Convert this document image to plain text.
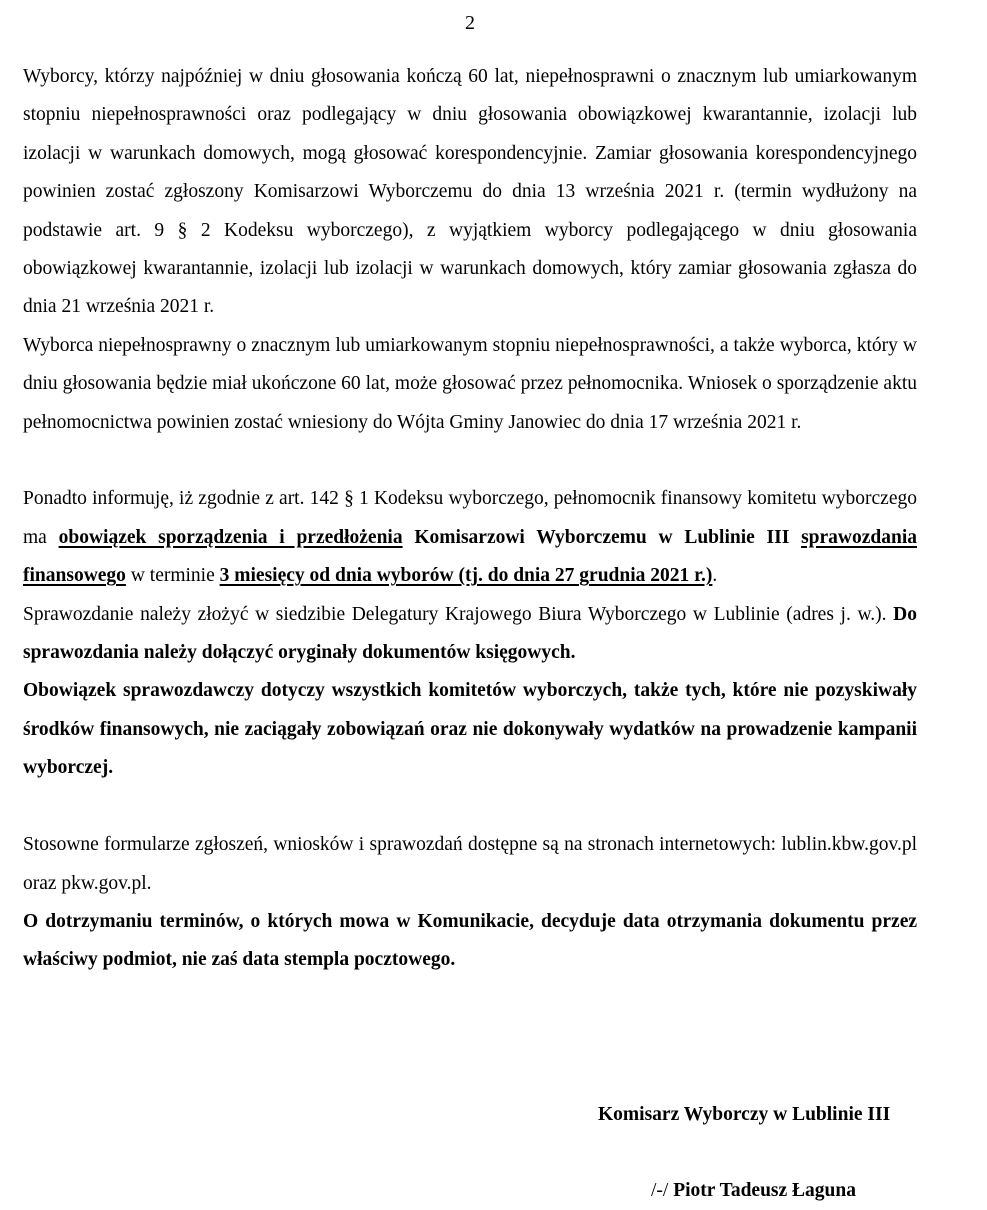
2

Wyborcy, którzy najpóźniej w dniu głosowania kończą 60 lat, niepełnosprawni o znacznym lub umiarkowanym stopniu niepełnosprawności oraz podlegający w dniu głosowania obowiązkowej kwarantannie, izolacji lub izolacji w warunkach domowych, mogą głosować korespondencyjnie. Zamiar głosowania korespondencyjnego powinien zostać zgłoszony Komisarzowi Wyborczemu do dnia 13 września 2021 r. (termin wydłużony na podstawie art. 9 § 2 Kodeksu wyborczego), z wyjątkiem wyborcy podlegającego w dniu głosowania obowiązkowej kwarantannie, izolacji lub izolacji w warunkach domowych, który zamiar głosowania zgłasza do dnia 21 września 2021 r.

Wyborca niepełnosprawny o znacznym lub umiarkowanym stopniu niepełnosprawności, a także wyborca, który w dniu głosowania będzie miał ukończone 60 lat, może głosować przez pełnomocnika. Wniosek o sporządzenie aktu pełnomocnictwa powinien zostać wniesiony do Wójta Gminy Janowiec do dnia 17 września 2021 r.

Ponadto informuję, iż zgodnie z art. 142 § 1 Kodeksu wyborczego, pełnomocnik finansowy komitetu wyborczego ma obowiązek sporządzenia i przedłożenia Komisarzowi Wyborczemu w Lublinie III sprawozdania finansowego w terminie 3 miesięcy od dnia wyborów (tj. do dnia 27 grudnia 2021 r.).

Sprawozdanie należy złożyć w siedzibie Delegatury Krajowego Biura Wyborczego w Lublinie (adres j. w.). Do sprawozdania należy dołączyć oryginały dokumentów księgowych.

Obowiązek sprawozdawczy dotyczy wszystkich komitetów wyborczych, także tych, które nie pozyskiwały środków finansowych, nie zaciągały zobowiązań oraz nie dokonywały wydatków na prowadzenie kampanii wyborczej.

Stosowne formularze zgłoszeń, wniosków i sprawozdań dostępne są na stronach internetowych: lublin.kbw.gov.pl oraz pkw.gov.pl.

O dotrzymaniu terminów, o których mowa w Komunikacie, decyduje data otrzymania dokumentu przez właściwy podmiot, nie zaś data stempla pocztowego.

Komisarz Wyborczy w Lublinie III
/-/ Piotr Tadeusz Łaguna
